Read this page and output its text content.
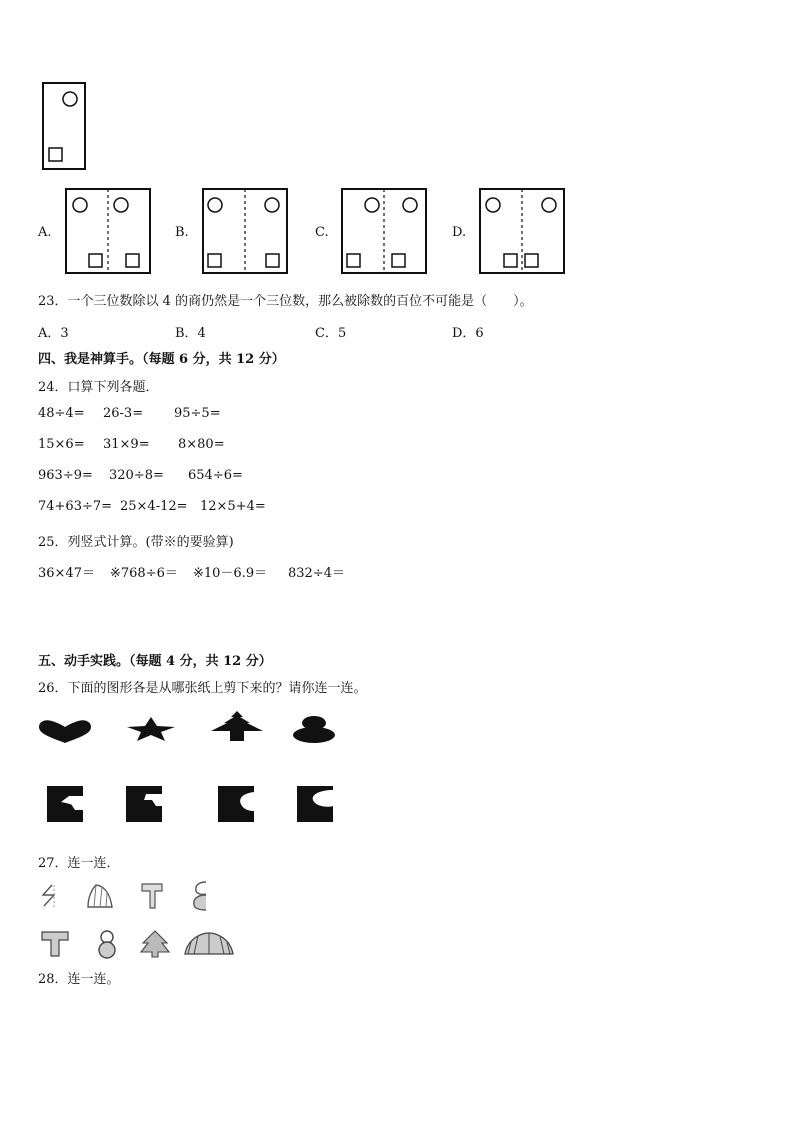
A.	B.	C.	D.
23．一个三位数除以 4 的商仍然是一个三位数，那么被除数的百位不可能是（　　）。
A．3	B．4	C．5	D．6
四、我是神算手。（每题 6 分，共 12 分）
24．口算下列各题．
48÷4= 26-3= 95÷5=
15×6= 31×9= 8×80=
963÷9= 320÷8= 654÷6=
74+63÷7= 25×4-12= 12×5+4=
25．列竖式计算。(带※的要验算)
36×47＝ ※768÷6＝ ※10－6.9＝ 832÷4＝
五、动手实践。（每题 4 分，共 12 分）
26．下面的图形各是从哪张纸上剪下来的？请你连一连。
27．连一连．
28．连一连。
